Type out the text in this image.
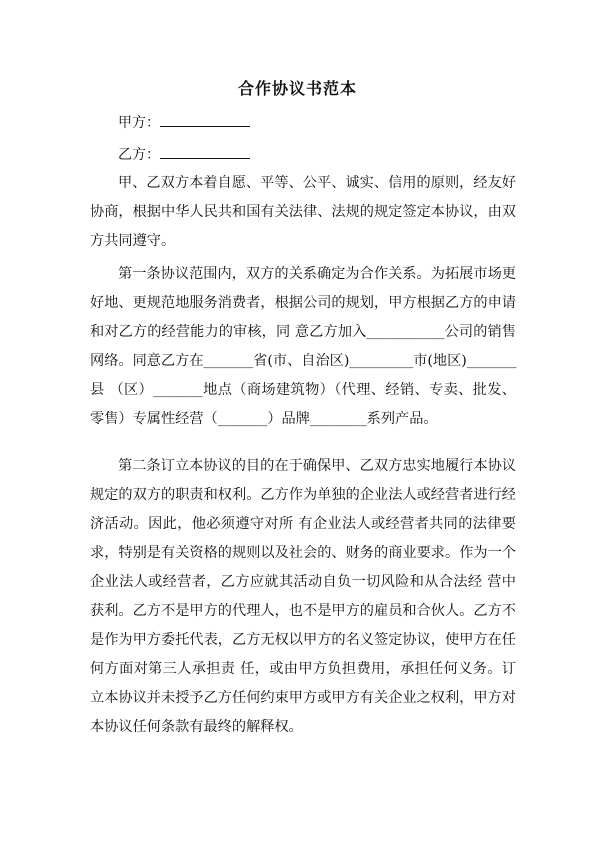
合作协议书范本
甲方：
乙方：
甲、乙双方本着自愿、平等、公平、诚实、信用的原则，经友好
协商，根据中华人民共和国有关法律、法规的规定签定本协议，由双
方共同遵守。
第一条协议范围内，双方的关系确定为合作关系。为拓展市场更
好地、更规范地服务消费者，根据公司的规划，甲方根据乙方的申请
和对乙方的经营能力的审核，同 意乙方加入___________公司的销售
网络。同意乙方在_______省(市、自治区)_________市(地区)_______
县 （区）_______地点（商场建筑物）（代理、经销、专卖、批发、
零售）专属性经营（_______）品牌________系列产品。
第二条订立本协议的目的在于确保甲、乙双方忠实地履行本协议
规定的双方的职责和权利。乙方作为单独的企业法人或经营者进行经
济活动。因此，他必须遵守对所 有企业法人或经营者共同的法律要
求，特别是有关资格的规则以及社会的、财务的商业要求。作为一个
企业法人或经营者，乙方应就其活动自负一切风险和从合法经 营中
获利。乙方不是甲方的代理人，也不是甲方的雇员和合伙人。乙方不
是作为甲方委托代表，乙方无权以甲方的名义签定协议，使甲方在任
何方面对第三人承担责 任，或由甲方负担费用，承担任何义务。订
立本协议并未授予乙方任何约束甲方或甲方有关企业之权利，甲方对
本协议任何条款有最终的解释权。
